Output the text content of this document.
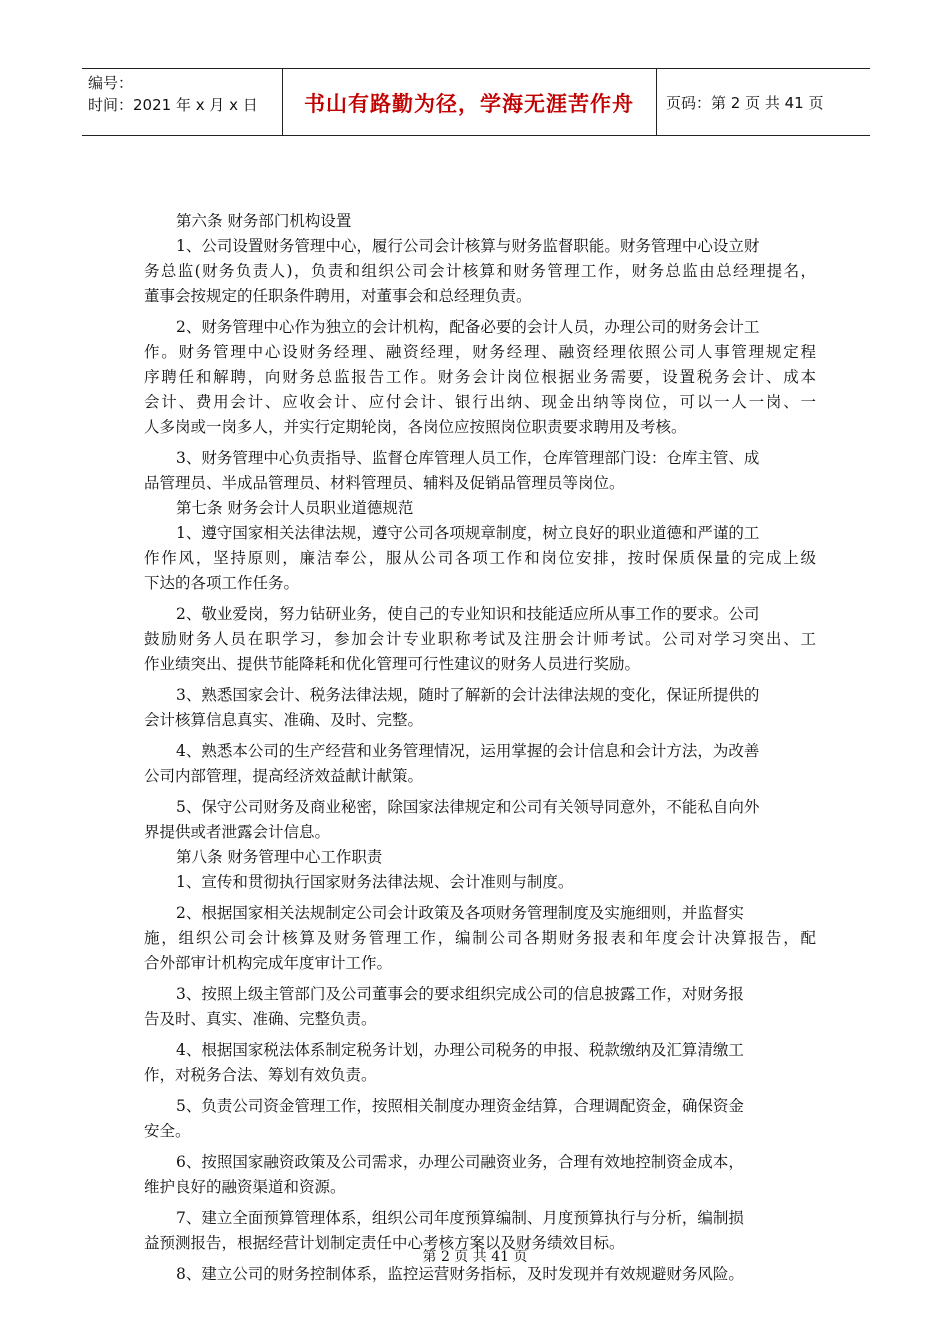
编号：
时间：2021 年 x 月 x 日	书山有路勤为径，学海无涯苦作舟	页码：第 2 页 共 41 页
第六条 财务部门机构设置
1、公司设置财务管理中心，履行公司会计核算与财务监督职能。财务管理中心设立财
务总监(财务负责人)，负责和组织公司会计核算和财务管理工作，财务总监由总经理提名，
董事会按规定的任职条件聘用，对董事会和总经理负责。
2、财务管理中心作为独立的会计机构，配备必要的会计人员，办理公司的财务会计工
作。财务管理中心设财务经理、融资经理，财务经理、融资经理依照公司人事管理规定程
序聘任和解聘，向财务总监报告工作。财务会计岗位根据业务需要，设置税务会计、成本
会计、费用会计、应收会计、应付会计、银行出纳、现金出纳等岗位，可以一人一岗、一
人多岗或一岗多人，并实行定期轮岗，各岗位应按照岗位职责要求聘用及考核。
3、财务管理中心负责指导、监督仓库管理人员工作，仓库管理部门设：仓库主管、成
品管理员、半成品管理员、材料管理员、辅料及促销品管理员等岗位。
第七条 财务会计人员职业道德规范
1、遵守国家相关法律法规，遵守公司各项规章制度，树立良好的职业道德和严谨的工
作作风，坚持原则，廉洁奉公，服从公司各项工作和岗位安排，按时保质保量的完成上级
下达的各项工作任务。
2、敬业爱岗，努力钻研业务，使自己的专业知识和技能适应所从事工作的要求。公司
鼓励财务人员在职学习，参加会计专业职称考试及注册会计师考试。公司对学习突出、工
作业绩突出、提供节能降耗和优化管理可行性建议的财务人员进行奖励。
3、熟悉国家会计、税务法律法规，随时了解新的会计法律法规的变化，保证所提供的
会计核算信息真实、准确、及时、完整。
4、熟悉本公司的生产经营和业务管理情况，运用掌握的会计信息和会计方法，为改善
公司内部管理，提高经济效益献计献策。
5、保守公司财务及商业秘密，除国家法律规定和公司有关领导同意外，不能私自向外
界提供或者泄露会计信息。
第八条 财务管理中心工作职责
1、宣传和贯彻执行国家财务法律法规、会计准则与制度。
2、根据国家相关法规制定公司会计政策及各项财务管理制度及实施细则，并监督实
施，组织公司会计核算及财务管理工作，编制公司各期财务报表和年度会计决算报告，配
合外部审计机构完成年度审计工作。
3、按照上级主管部门及公司董事会的要求组织完成公司的信息披露工作，对财务报
告及时、真实、准确、完整负责。
4、根据国家税法体系制定税务计划，办理公司税务的申报、税款缴纳及汇算清缴工
作，对税务合法、筹划有效负责。
5、负责公司资金管理工作，按照相关制度办理资金结算，合理调配资金，确保资金
安全。
6、按照国家融资政策及公司需求，办理公司融资业务，合理有效地控制资金成本，
维护良好的融资渠道和资源。
7、建立全面预算管理体系，组织公司年度预算编制、月度预算执行与分析，编制损
益预测报告，根据经营计划制定责任中心考核方案以及财务绩效目标。
8、建立公司的财务控制体系，监控运营财务指标，及时发现并有效规避财务风险。
第 2 页 共 41 页
